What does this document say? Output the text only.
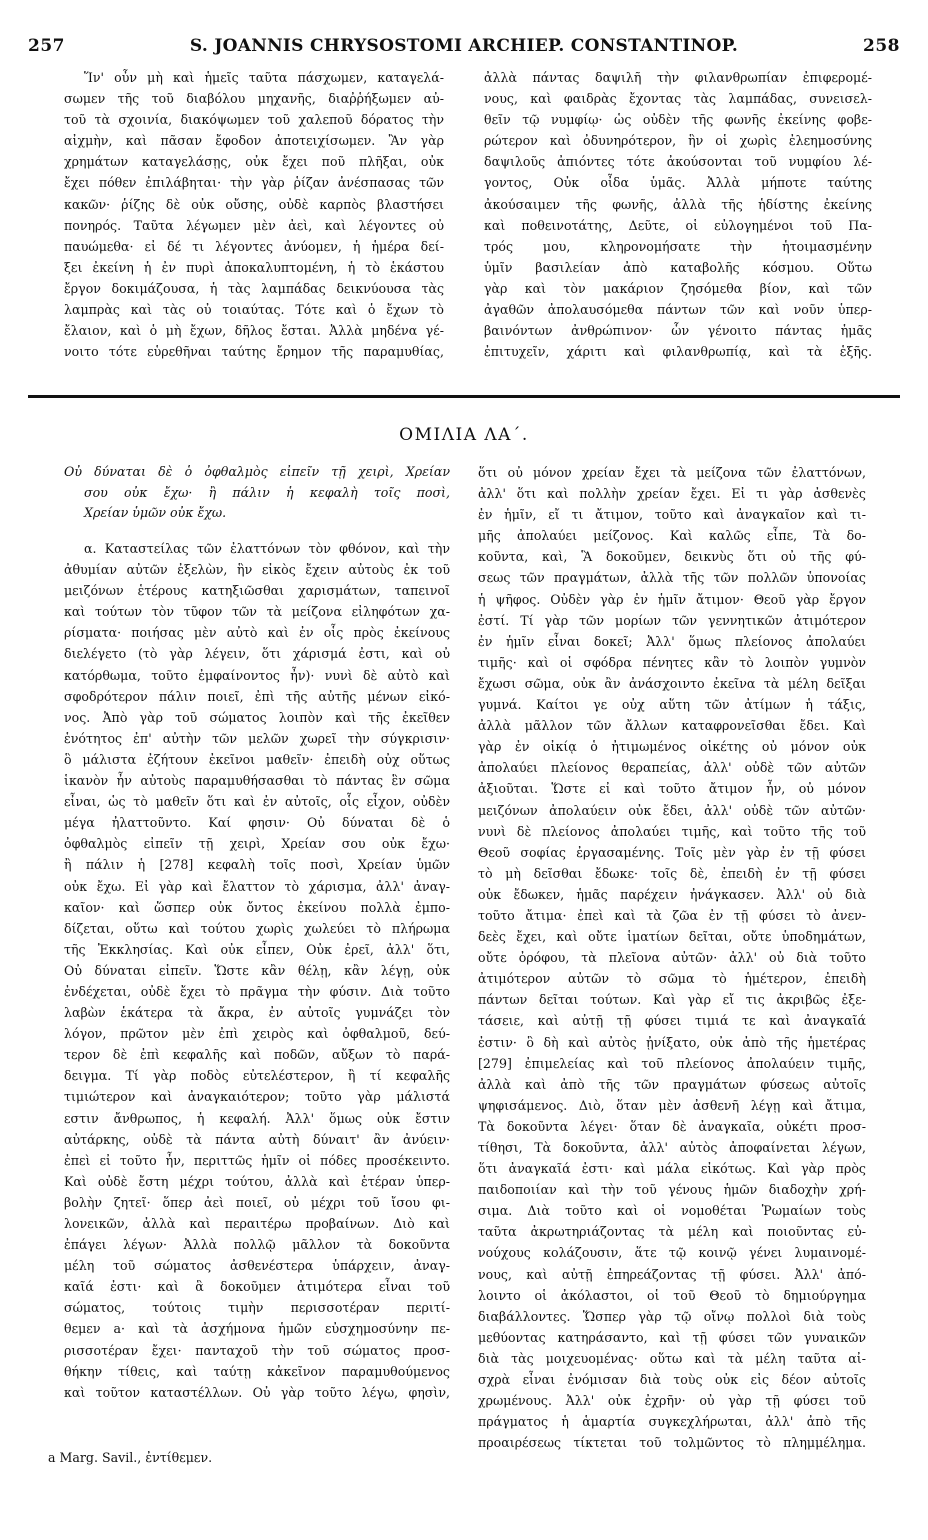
257	S. JOANNIS CHRYSOSTOMI ARCHIEP. CONSTANTINOP.	258
Ἵν' οὖν μὴ καὶ ἡμεῖς ταῦτα πάσχωμεν, καταγελά-
σωμεν τῆς τοῦ διαβόλου μηχανῆς, διαῤῥήξωμεν αὐ-
τοῦ τὰ σχοινία, διακόψωμεν τοῦ χαλεποῦ δόρατος τὴν
αἰχμὴν, καὶ πᾶσαν ἔφοδον ἀποτειχίσωμεν. Ἂν γὰρ
χρημάτων καταγελάσῃς, οὐκ ἔχει ποῦ πλῆξαι, οὐκ
ἔχει πόθεν ἐπιλάβηται· τὴν γὰρ ῥίζαν ἀνέσπασας τῶν
κακῶν· ῥίζης δὲ οὐκ οὔσης, οὐδὲ καρπὸς βλαστήσει
πονηρός. Ταῦτα λέγωμεν μὲν ἀεὶ, καὶ λέγοντες οὐ
παυώμεθα· εἰ δέ τι λέγοντες ἀνύομεν, ἡ ἡμέρα δεί-
ξει ἐκείνη ἡ ἐν πυρὶ ἀποκαλυπτομένη, ἡ τὸ ἑκάστου
ἔργον δοκιμάζουσα, ἡ τὰς λαμπάδας δεικνύουσα τὰς
λαμπρὰς καὶ τὰς οὐ τοιαύτας. Τότε καὶ ὁ ἔχων τὸ
ἔλαιον, καὶ ὁ μὴ ἔχων, δῆλος ἔσται. Ἀλλὰ μηδένα γέ-
νοιτο τότε εὑρεθῆναι ταύτης ἔρημον τῆς παραμυθίας,
ἀλλὰ πάντας δαψιλῆ τὴν φιλανθρωπίαν ἐπιφερομέ-
νους, καὶ φαιδρὰς ἔχοντας τὰς λαμπάδας, συνεισελ-
θεῖν τῷ νυμφίῳ· ὡς οὐδὲν τῆς φωνῆς ἐκείνης φοβε-
ρώτερον καὶ ὀδυνηρότερον, ἣν οἱ χωρὶς ἐλεημοσύνης
δαψιλοῦς ἀπιόντες τότε ἀκούσονται τοῦ νυμφίου λέ-
γοντος, Οὐκ οἶδα ὑμᾶς. Ἀλλὰ μήποτε ταύτης
ἀκούσαιμεν τῆς φωνῆς, ἀλλὰ τῆς ἡδίστης ἐκείνης
καὶ ποθεινοτάτης, Δεῦτε, οἱ εὐλογημένοι τοῦ Πα-
τρός μου, κληρονομήσατε τὴν ἡτοιμασμένην
ὑμῖν βασιλείαν ἀπὸ καταβολῆς κόσμου. Οὕτω
γὰρ καὶ τὸν μακάριον ζησόμεθα βίον, καὶ τῶν
ἀγαθῶν ἀπολαυσόμεθα πάντων τῶν καὶ νοῦν ὑπερ-
βαινόντων ἀνθρώπινον· ὧν γένοιτο πάντας ἡμᾶς
ἐπιτυχεῖν, χάριτι καὶ φιλανθρωπίᾳ, καὶ τὰ ἑξῆς.
ΟΜΙΛΙΑ ΛΑ΄.
Οὐ δύναται δὲ ὁ ὀφθαλμὸς εἰπεῖν τῇ χειρὶ, Χρείαν
σου οὐκ ἔχω· ἢ πάλιν ἡ κεφαλὴ τοῖς ποσὶ,
Χρείαν ὑμῶν οὐκ ἔχω.
α. Καταστείλας τῶν ἐλαττόνων τὸν φθόνον, καὶ τὴν
ἀθυμίαν αὐτῶν ἐξελὼν, ἣν εἰκὸς ἔχειν αὐτοὺς ἐκ τοῦ
μειζόνων ἑτέρους κατηξιῶσθαι χαρισμάτων, ταπεινοῖ
καὶ τούτων τὸν τῦφον τῶν τὰ μείζονα εἰληφότων χα-
ρίσματα· ποιήσας μὲν αὐτὸ καὶ ἐν οἷς πρὸς ἐκείνους
διελέγετο (τὸ γὰρ λέγειν, ὅτι χάρισμά ἐστι, καὶ οὐ
κατόρθωμα, τοῦτο ἐμφαίνοντος ἦν)· νυνὶ δὲ αὐτὸ καὶ
σφοδρότερον πάλιν ποιεῖ, ἐπὶ τῆς αὐτῆς μένων εἰκό-
νος. Ἀπὸ γὰρ τοῦ σώματος λοιπὸν καὶ τῆς ἐκεῖθεν
ἑνότητος ἐπ' αὐτὴν τῶν μελῶν χωρεῖ τὴν σύγκρισιν·
ὃ μάλιστα ἐζήτουν ἐκεῖνοι μαθεῖν· ἐπειδὴ οὐχ οὕτως
ἱκανὸν ἦν αὐτοὺς παραμυθήσασθαι τὸ πάντας ἓν σῶμα
εἶναι, ὡς τὸ μαθεῖν ὅτι καὶ ἐν αὐτοῖς, οἷς εἶχον, οὐδὲν
μέγα ἠλαττοῦντο. Καί φησιν· Οὐ δύναται δὲ ὁ
ὀφθαλμὸς εἰπεῖν τῇ χειρὶ, Χρείαν σου οὐκ ἔχω·
ἢ πάλιν ἡ [278] κεφαλὴ τοῖς ποσὶ, Χρείαν ὑμῶν
οὐκ ἔχω. Εἰ γὰρ καὶ ἔλαττον τὸ χάρισμα, ἀλλ' ἀναγ-
καῖον· καὶ ὥσπερ οὐκ ὄντος ἐκείνου πολλὰ ἐμπο-
δίζεται, οὕτω καὶ τούτου χωρὶς χωλεύει τὸ πλήρωμα
τῆς Ἐκκλησίας. Καὶ οὐκ εἶπεν, Οὐκ ἐρεῖ, ἀλλ' ὅτι,
Οὐ δύναται εἰπεῖν. Ὥστε κἂν θέλῃ, κἂν λέγῃ, οὐκ
ἐνδέχεται, οὐδὲ ἔχει τὸ πρᾶγμα τὴν φύσιν. Διὰ τοῦτο
λαβὼν ἑκάτερα τὰ ἄκρα, ἐν αὐτοῖς γυμνάζει τὸν
λόγον, πρῶτον μὲν ἐπὶ χειρὸς καὶ ὀφθαλμοῦ, δεύ-
τερον δὲ ἐπὶ κεφαλῆς καὶ ποδῶν, αὔξων τὸ παρά-
δειγμα. Τί γὰρ ποδὸς εὐτελέστερον, ἢ τί κεφαλῆς
τιμιώτερον καὶ ἀναγκαιότερον; τοῦτο γὰρ μάλιστά
εστιν ἄνθρωπος, ἡ κεφαλή. Ἀλλ' ὅμως οὐκ ἔστιν
αὐτάρκης, οὐδὲ τὰ πάντα αὐτὴ δύναιτ' ἂν ἀνύειν·
ἐπεὶ εἰ τοῦτο ἦν, περιττῶς ἡμῖν οἱ πόδες προσέκειντο.
Καὶ οὐδὲ ἔστη μέχρι τούτου, ἀλλὰ καὶ ἑτέραν ὑπερ-
βολὴν ζητεῖ· ὅπερ ἀεὶ ποιεῖ, οὐ μέχρι τοῦ ἴσου φι-
λονεικῶν, ἀλλὰ καὶ περαιτέρω προβαίνων. Διὸ καὶ
ἐπάγει λέγων· Ἀλλὰ πολλῷ μᾶλλον τὰ δοκοῦντα
μέλη τοῦ σώματος ἀσθενέστερα ὑπάρχειν, ἀναγ-
καῖά ἐστι· καὶ ἃ δοκοῦμεν ἀτιμότερα εἶναι τοῦ
σώματος, τούτοις τιμὴν περισσοτέραν περιτί-
θεμεν a· καὶ τὰ ἀσχήμονα ἡμῶν εὐσχημοσύνην πε-
ρισσοτέραν ἔχει· πανταχοῦ τὴν τοῦ σώματος προσ-
θήκην τίθεις, καὶ ταύτῃ κἀκεῖνον παραμυθούμενος
καὶ τοῦτον καταστέλλων. Οὐ γὰρ τοῦτο λέγω, φησὶν,
ὅτι οὐ μόνον χρείαν ἔχει τὰ μείζονα τῶν ἐλαττόνων,
ἀλλ' ὅτι καὶ πολλὴν χρείαν ἔχει. Εἰ τι γὰρ ἀσθενὲς
ἐν ἡμῖν, εἴ τι ἄτιμον, τοῦτο καὶ ἀναγκαῖον καὶ τι-
μῆς ἀπολαύει μείζονος. Καὶ καλῶς εἶπε, Τὰ δο-
κοῦντα, καὶ, Ἃ δοκοῦμεν, δεικνὺς ὅτι οὐ τῆς φύ-
σεως τῶν πραγμάτων, ἀλλὰ τῆς τῶν πολλῶν ὑπονοίας
ἡ ψῆφος. Οὐδὲν γὰρ ἐν ἡμῖν ἄτιμον· Θεοῦ γὰρ ἔργον
ἐστί. Τί γὰρ τῶν μορίων τῶν γεννητικῶν ἀτιμότερον
ἐν ἡμῖν εἶναι δοκεῖ; Ἀλλ' ὅμως πλείονος ἀπολαύει
τιμῆς· καὶ οἱ σφόδρα πένητες κἂν τὸ λοιπὸν γυμνὸν
ἔχωσι σῶμα, οὐκ ἂν ἀνάσχοιντο ἐκεῖνα τὰ μέλη δεῖξαι
γυμνά. Καίτοι γε οὐχ αὕτη τῶν ἀτίμων ἡ τάξις,
ἀλλὰ μᾶλλον τῶν ἄλλων καταφρονεῖσθαι ἔδει. Καὶ
γὰρ ἐν οἰκίᾳ ὁ ἠτιμωμένος οἰκέτης οὐ μόνον οὐκ
ἀπολαύει πλείονος θεραπείας, ἀλλ' οὐδὲ τῶν αὐτῶν
ἀξιοῦται. Ὥστε εἰ καὶ τοῦτο ἄτιμον ἦν, οὐ μόνον
μειζόνων ἀπολαύειν οὐκ ἔδει, ἀλλ' οὐδὲ τῶν αὐτῶν·
νυνὶ δὲ πλείονος ἀπολαύει τιμῆς, καὶ τοῦτο τῆς τοῦ
Θεοῦ σοφίας ἐργασαμένης. Τοῖς μὲν γὰρ ἐν τῇ φύσει
τὸ μὴ δεῖσθαι ἔδωκε· τοῖς δὲ, ἐπειδὴ ἐν τῇ φύσει
οὐκ ἔδωκεν, ἡμᾶς παρέχειν ἠνάγκασεν. Ἀλλ' οὐ διὰ
τοῦτο ἄτιμα· ἐπεὶ καὶ τὰ ζῶα ἐν τῇ φύσει τὸ ἀνεν-
δεὲς ἔχει, καὶ οὔτε ἱματίων δεῖται, οὔτε ὑποδημάτων,
οὔτε ὀρόφου, τὰ πλεῖονα αὐτῶν· ἀλλ' οὐ διὰ τοῦτο
ἀτιμότερον αὐτῶν τὸ σῶμα τὸ ἡμέτερον, ἐπειδὴ
πάντων δεῖται τούτων. Καὶ γὰρ εἴ τις ἀκριβῶς ἐξε-
τάσειε, καὶ αὐτῇ τῇ φύσει τιμιά τε καὶ ἀναγκαῖά
ἐστιν· ὃ δὴ καὶ αὐτὸς ᾐνίξατο, οὐκ ἀπὸ τῆς ἡμετέρας
[279] ἐπιμελείας καὶ τοῦ πλείονος ἀπολαύειν τιμῆς,
ἀλλὰ καὶ ἀπὸ τῆς τῶν πραγμάτων φύσεως αὐτοῖς
ψηφισάμενος. Διὸ, ὅταν μὲν ἀσθενῆ λέγῃ καὶ ἄτιμα,
Τὰ δοκοῦντα λέγει· ὅταν δὲ ἀναγκαῖα, οὐκέτι προσ-
τίθησι, Τὰ δοκοῦντα, ἀλλ' αὐτὸς ἀποφαίνεται λέγων,
ὅτι ἀναγκαῖά ἐστι· καὶ μάλα εἰκότως. Καὶ γὰρ πρὸς
παιδοποιίαν καὶ τὴν τοῦ γένους ἡμῶν διαδοχὴν χρή-
σιμα. Διὰ τοῦτο καὶ οἱ νομοθέται Ῥωμαίων τοὺς
ταῦτα ἀκρωτηριάζοντας τὰ μέλη καὶ ποιοῦντας εὐ-
νούχους κολάζουσιν, ἅτε τῷ κοινῷ γένει λυμαινομέ-
νους, καὶ αὐτῇ ἐπηρεάζοντας τῇ φύσει. Ἀλλ' ἀπό-
λοιντο οἱ ἀκόλαστοι, οἱ τοῦ Θεοῦ τὸ δημιούργημα
διαβάλλοντες. Ὥσπερ γὰρ τῷ οἴνῳ πολλοὶ διὰ τοὺς
μεθύοντας κατηράσαντο, καὶ τῇ φύσει τῶν γυναικῶν
διὰ τὰς μοιχευομένας· οὕτω καὶ τὰ μέλη ταῦτα αἰ-
σχρὰ εἶναι ἐνόμισαν διὰ τοὺς οὐκ εἰς δέον αὐτοῖς
χρωμένους. Ἀλλ' οὐκ ἐχρῆν· οὐ γὰρ τῇ φύσει τοῦ
πράγματος ἡ ἁμαρτία συγκεχλήρωται, ἀλλ' ἀπὸ τῆς
προαιρέσεως τίκτεται τοῦ τολμῶντος τὸ πλημμέλημα.
a Marg. Savil., ἐντίθεμεν.
